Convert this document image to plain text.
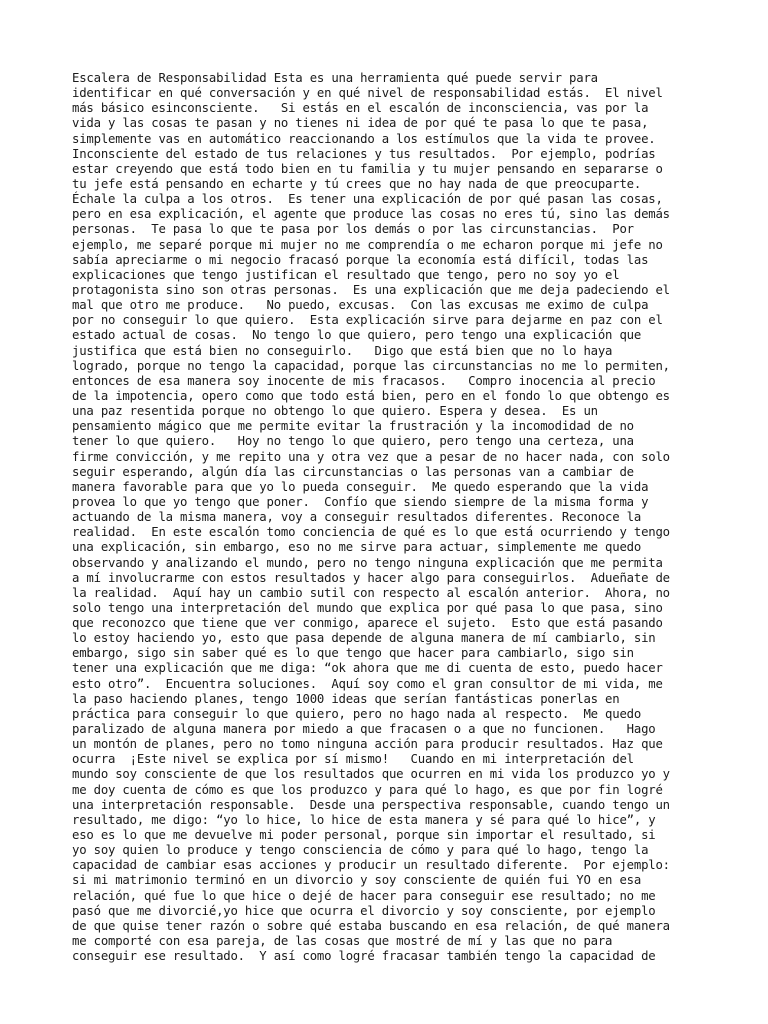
Escalera de Responsabilidad Esta es una herramienta qué puede servir para
identificar en qué conversación y en qué nivel de responsabilidad estás.  El nivel
más básico esinconsciente.   Si estás en el escalón de inconsciencia, vas por la
vida y las cosas te pasan y no tienes ni idea de por qué te pasa lo que te pasa,
simplemente vas en automático reaccionando a los estímulos que la vida te provee.
Inconsciente del estado de tus relaciones y tus resultados.  Por ejemplo, podrías
estar creyendo que está todo bien en tu familia y tu mujer pensando en separarse o
tu jefe está pensando en echarte y tú crees que no hay nada de que preocuparte.
Échale la culpa a los otros.  Es tener una explicación de por qué pasan las cosas,
pero en esa explicación, el agente que produce las cosas no eres tú, sino las demás
personas.  Te pasa lo que te pasa por los demás o por las circunstancias.  Por
ejemplo, me separé porque mi mujer no me comprendía o me echaron porque mi jefe no
sabía apreciarme o mi negocio fracasó porque la economía está difícil, todas las
explicaciones que tengo justifican el resultado que tengo, pero no soy yo el
protagonista sino son otras personas.  Es una explicación que me deja padeciendo el
mal que otro me produce.   No puedo, excusas.  Con las excusas me eximo de culpa
por no conseguir lo que quiero.  Esta explicación sirve para dejarme en paz con el
estado actual de cosas.  No tengo lo que quiero, pero tengo una explicación que
justifica que está bien no conseguirlo.   Digo que está bien que no lo haya
logrado, porque no tengo la capacidad, porque las circunstancias no me lo permiten,
entonces de esa manera soy inocente de mis fracasos.   Compro inocencia al precio
de la impotencia, opero como que todo está bien, pero en el fondo lo que obtengo es
una paz resentida porque no obtengo lo que quiero. Espera y desea.  Es un
pensamiento mágico que me permite evitar la frustración y la incomodidad de no
tener lo que quiero.   Hoy no tengo lo que quiero, pero tengo una certeza, una
firme convicción, y me repito una y otra vez que a pesar de no hacer nada, con solo
seguir esperando, algún día las circunstancias o las personas van a cambiar de
manera favorable para que yo lo pueda conseguir.  Me quedo esperando que la vida
provea lo que yo tengo que poner.  Confío que siendo siempre de la misma forma y
actuando de la misma manera, voy a conseguir resultados diferentes. Reconoce la
realidad.  En este escalón tomo conciencia de qué es lo que está ocurriendo y tengo
una explicación, sin embargo, eso no me sirve para actuar, simplemente me quedo
observando y analizando el mundo, pero no tengo ninguna explicación que me permita
a mí involucrarme con estos resultados y hacer algo para conseguirlos.  Adueñate de
la realidad.  Aquí hay un cambio sutil con respecto al escalón anterior.  Ahora, no
solo tengo una interpretación del mundo que explica por qué pasa lo que pasa, sino
que reconozco que tiene que ver conmigo, aparece el sujeto.  Esto que está pasando
lo estoy haciendo yo, esto que pasa depende de alguna manera de mí cambiarlo, sin
embargo, sigo sin saber qué es lo que tengo que hacer para cambiarlo, sigo sin
tener una explicación que me diga: “ok ahora que me di cuenta de esto, puedo hacer
esto otro”.  Encuentra soluciones.  Aquí soy como el gran consultor de mi vida, me
la paso haciendo planes, tengo 1000 ideas que serían fantásticas ponerlas en
práctica para conseguir lo que quiero, pero no hago nada al respecto.  Me quedo
paralizado de alguna manera por miedo a que fracasen o a que no funcionen.   Hago
un montón de planes, pero no tomo ninguna acción para producir resultados. Haz que
ocurra  ¡Este nivel se explica por sí mismo!   Cuando en mi interpretación del
mundo soy consciente de que los resultados que ocurren en mi vida los produzco yo y
me doy cuenta de cómo es que los produzco y para qué lo hago, es que por fin logré
una interpretación responsable.  Desde una perspectiva responsable, cuando tengo un
resultado, me digo: “yo lo hice, lo hice de esta manera y sé para qué lo hice”, y
eso es lo que me devuelve mi poder personal, porque sin importar el resultado, si
yo soy quien lo produce y tengo consciencia de cómo y para qué lo hago, tengo la
capacidad de cambiar esas acciones y producir un resultado diferente.  Por ejemplo:
si mi matrimonio terminó en un divorcio y soy consciente de quién fui YO en esa
relación, qué fue lo que hice o dejé de hacer para conseguir ese resultado; no me
pasó que me divorcié,yo hice que ocurra el divorcio y soy consciente, por ejemplo
de que quise tener razón o sobre qué estaba buscando en esa relación, de qué manera
me comporté con esa pareja, de las cosas que mostré de mí y las que no para
conseguir ese resultado.  Y así como logré fracasar también tengo la capacidad de
